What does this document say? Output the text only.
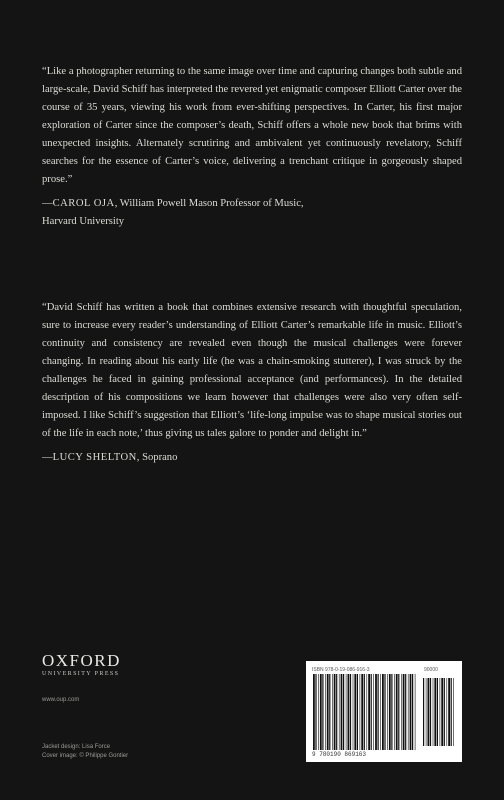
“Like a photographer returning to the same image over time and capturing changes both subtle and large-scale, David Schiff has interpreted the revered yet enigmatic composer Elliott Carter over the course of 35 years, viewing his work from ever-shifting perspectives. In Carter, his first major exploration of Carter since the composer’s death, Schiff offers a whole new book that brims with unexpected insights. Alternately scrutiring and ambivalent yet continuously revelatory, Schiff searches for the essence of Carter’s voice, delivering a trenchant critique in gorgeously shaped prose.”

—CAROL OJA, William Powell Mason Professor of Music,
Harvard University

“David Schiff has written a book that combines extensive research with thoughtful speculation, sure to increase every reader’s understanding of Elliott Carter’s remarkable life in music. Elliott’s continuity and consistency are revealed even though the musical challenges were forever changing. In reading about his early life (he was a chain-smoking stutterer), I was struck by the challenges he faced in gaining professional acceptance (and performances). In the detailed description of his compositions we learn however that challenges were also very often self-imposed. I like Schiff’s suggestion that Elliott’s ‘life-long impulse was to shape musical stories out of the life in each note,’ thus giving us tales galore to ponder and delight in.”

—LUCY SHELTON, Soprano

OXFORD
UNIVERSITY PRESS
www.oup.com
Jacket design: Lisa Force
Cover image: © Philippe Gontier
ISBN 978-0-19-086-916-3	90000
9 780190 869163
